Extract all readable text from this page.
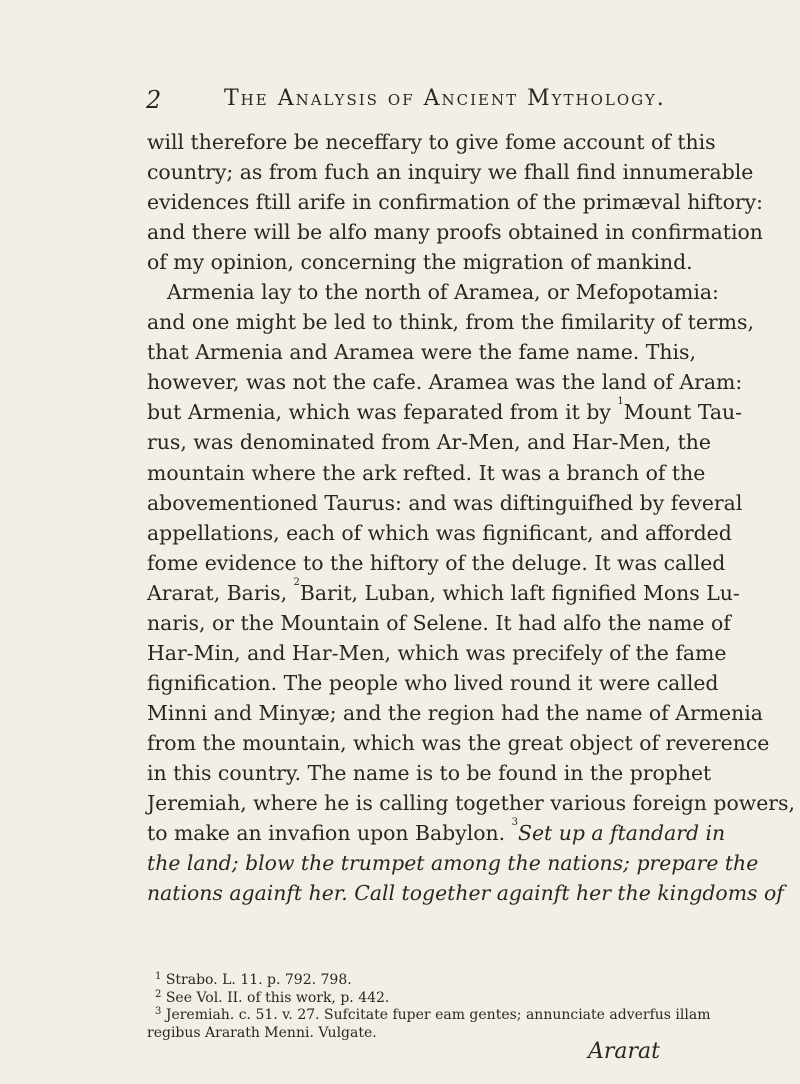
2	The Analysis of Ancient Mythology.
will therefore be neceffary to give fome account of this
country; as from fuch an inquiry we fhall find innumerable
evidences ftill arife in confirmation of the primæval hiftory:
and there will be alfo many proofs obtained in confirmation
of my opinion, concerning the migration of mankind.
Armenia lay to the north of Aramea, or Mefopotamia:
and one might be led to think, from the fimilarity of terms,
that Armenia and Aramea were the fame name. This,
however, was not the cafe. Aramea was the land of Aram:
but Armenia, which was feparated from it by $^1$Mount Tau-
rus, was denominated from Ar-Men, and Har-Men, the
mountain where the ark refted. It was a branch of the
abovementioned Taurus: and was diftinguifhed by feveral
appellations, each of which was fignificant, and afforded
fome evidence to the hiftory of the deluge. It was called
Ararat, Baris, $^2$Barit, Luban, which laft fignified Mons Lu-
naris, or the Mountain of Selene. It had alfo the name of
Har-Min, and Har-Men, which was precifely of the fame
fignification. The people who lived round it were called
Minni and Minyæ; and the region had the name of Armenia
from the mountain, which was the great object of reverence
in this country. The name is to be found in the prophet
Jeremiah, where he is calling together various foreign powers,
to make an invafion upon Babylon. $^3$Set up a ftandard in
the land; blow the trumpet among the nations; prepare the
nations againft her. Call together againft her the kingdoms of
$^1$ Strabo. L. 11. p. 792. 798.
$^2$ See Vol. II. of this work, p. 442.
$^3$ Jeremiah. c. 51. v. 27. Sufcitate fuper eam gentes; annunciate adverfus illam
regibus Ararath Menni. Vulgate.
Ararat
